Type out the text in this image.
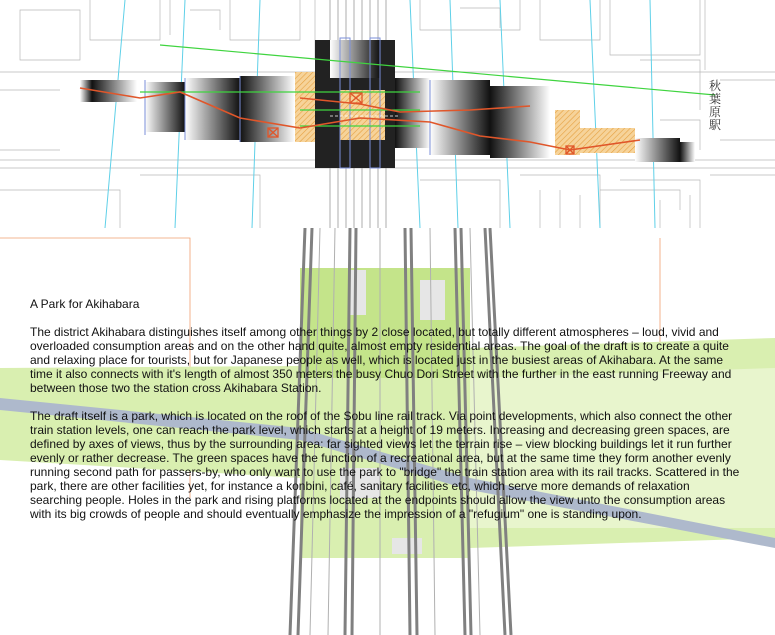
秋葉原駅
A Park for Akihabara

The district Akihabara distinguishes itself among other things by 2 close located, but totally different atmospheres – loud, vivid and overloaded consumption areas and on the other hand quite, almost empty residential areas. The goal of the draft is to create a quite and relaxing place for tourists, but for Japanese people as well, which is located just in the busiest areas of Akihabara. At the same time it also connects with it's length of almost 350 meters the busy Chuo Dori Street with the further in the east running Freeway and between those two the station cross Akihabara Station.

The draft itself is a park, which is located on the roof of the Sobu line rail track. Via point developments, which also connect the other train station levels, one can reach the park level, which starts at a height of 19 meters. Increasing and decreasing green spaces, are defined by axes of views, thus by the surrounding area: far sighted views let the terrain rise – view blocking buildings let it run further evenly or rather decrease. The green spaces have the function of a recreational area, but at the same time they form another evenly running second path for passers-by, who only want to use the park to "bridge" the train station area with its rail tracks. Scattered in the park, there are other facilities yet, for instance a konbini, café, sanitary facilities etc, which serve more demands of relaxation searching people. Holes in the park and rising platforms located at the endpoints should allow the view unto the consumption areas with its big crowds of people and should eventually emphasize the impression of a "refugium" one is standing upon.
